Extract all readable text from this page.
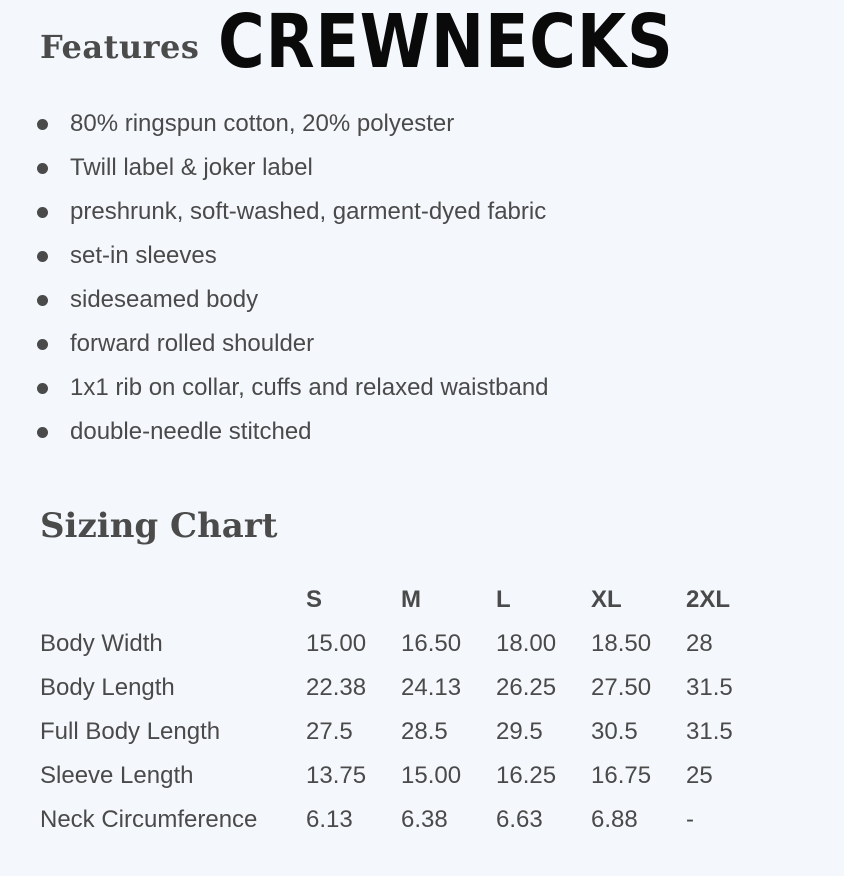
Features CREWNECKS
80% ringspun cotton, 20% polyester
Twill label & joker label
preshrunk, soft-washed, garment-dyed fabric
set-in sleeves
sideseamed body
forward rolled shoulder
1x1 rib on collar, cuffs and relaxed waistband
double-needle stitched
Sizing Chart
	S	M	L	XL	2XL
Body Width	15.00	16.50	18.00	18.50	28
Body Length	22.38	24.13	26.25	27.50	31.5
Full Body Length	27.5	28.5	29.5	30.5	31.5
Sleeve Length	13.75	15.00	16.25	16.75	25
Neck Circumference	6.13	6.38	6.63	6.88	-
